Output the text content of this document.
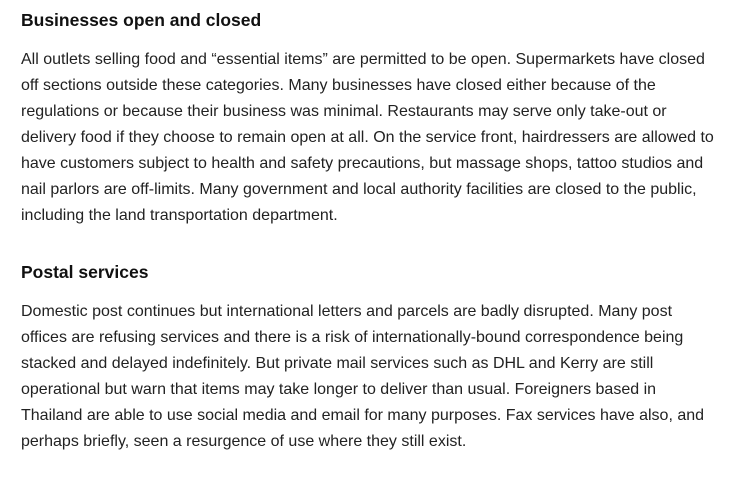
Businesses open and closed

All outlets selling food and “essential items” are permitted to be open. Supermarkets have closed off sections outside these categories. Many businesses have closed either because of the regulations or because their business was minimal. Restaurants may serve only take-out or delivery food if they choose to remain open at all. On the service front, hairdressers are allowed to have customers subject to health and safety precautions, but massage shops, tattoo studios and nail parlors are off-limits. Many government and local authority facilities are closed to the public, including the land transportation department.

Postal services

Domestic post continues but international letters and parcels are badly disrupted. Many post offices are refusing services and there is a risk of internationally-bound correspondence being stacked and delayed indefinitely. But private mail services such as DHL and Kerry are still operational but warn that items may take longer to deliver than usual. Foreigners based in Thailand are able to use social media and email for many purposes. Fax services have also, and perhaps briefly, seen a resurgence of use where they still exist.
